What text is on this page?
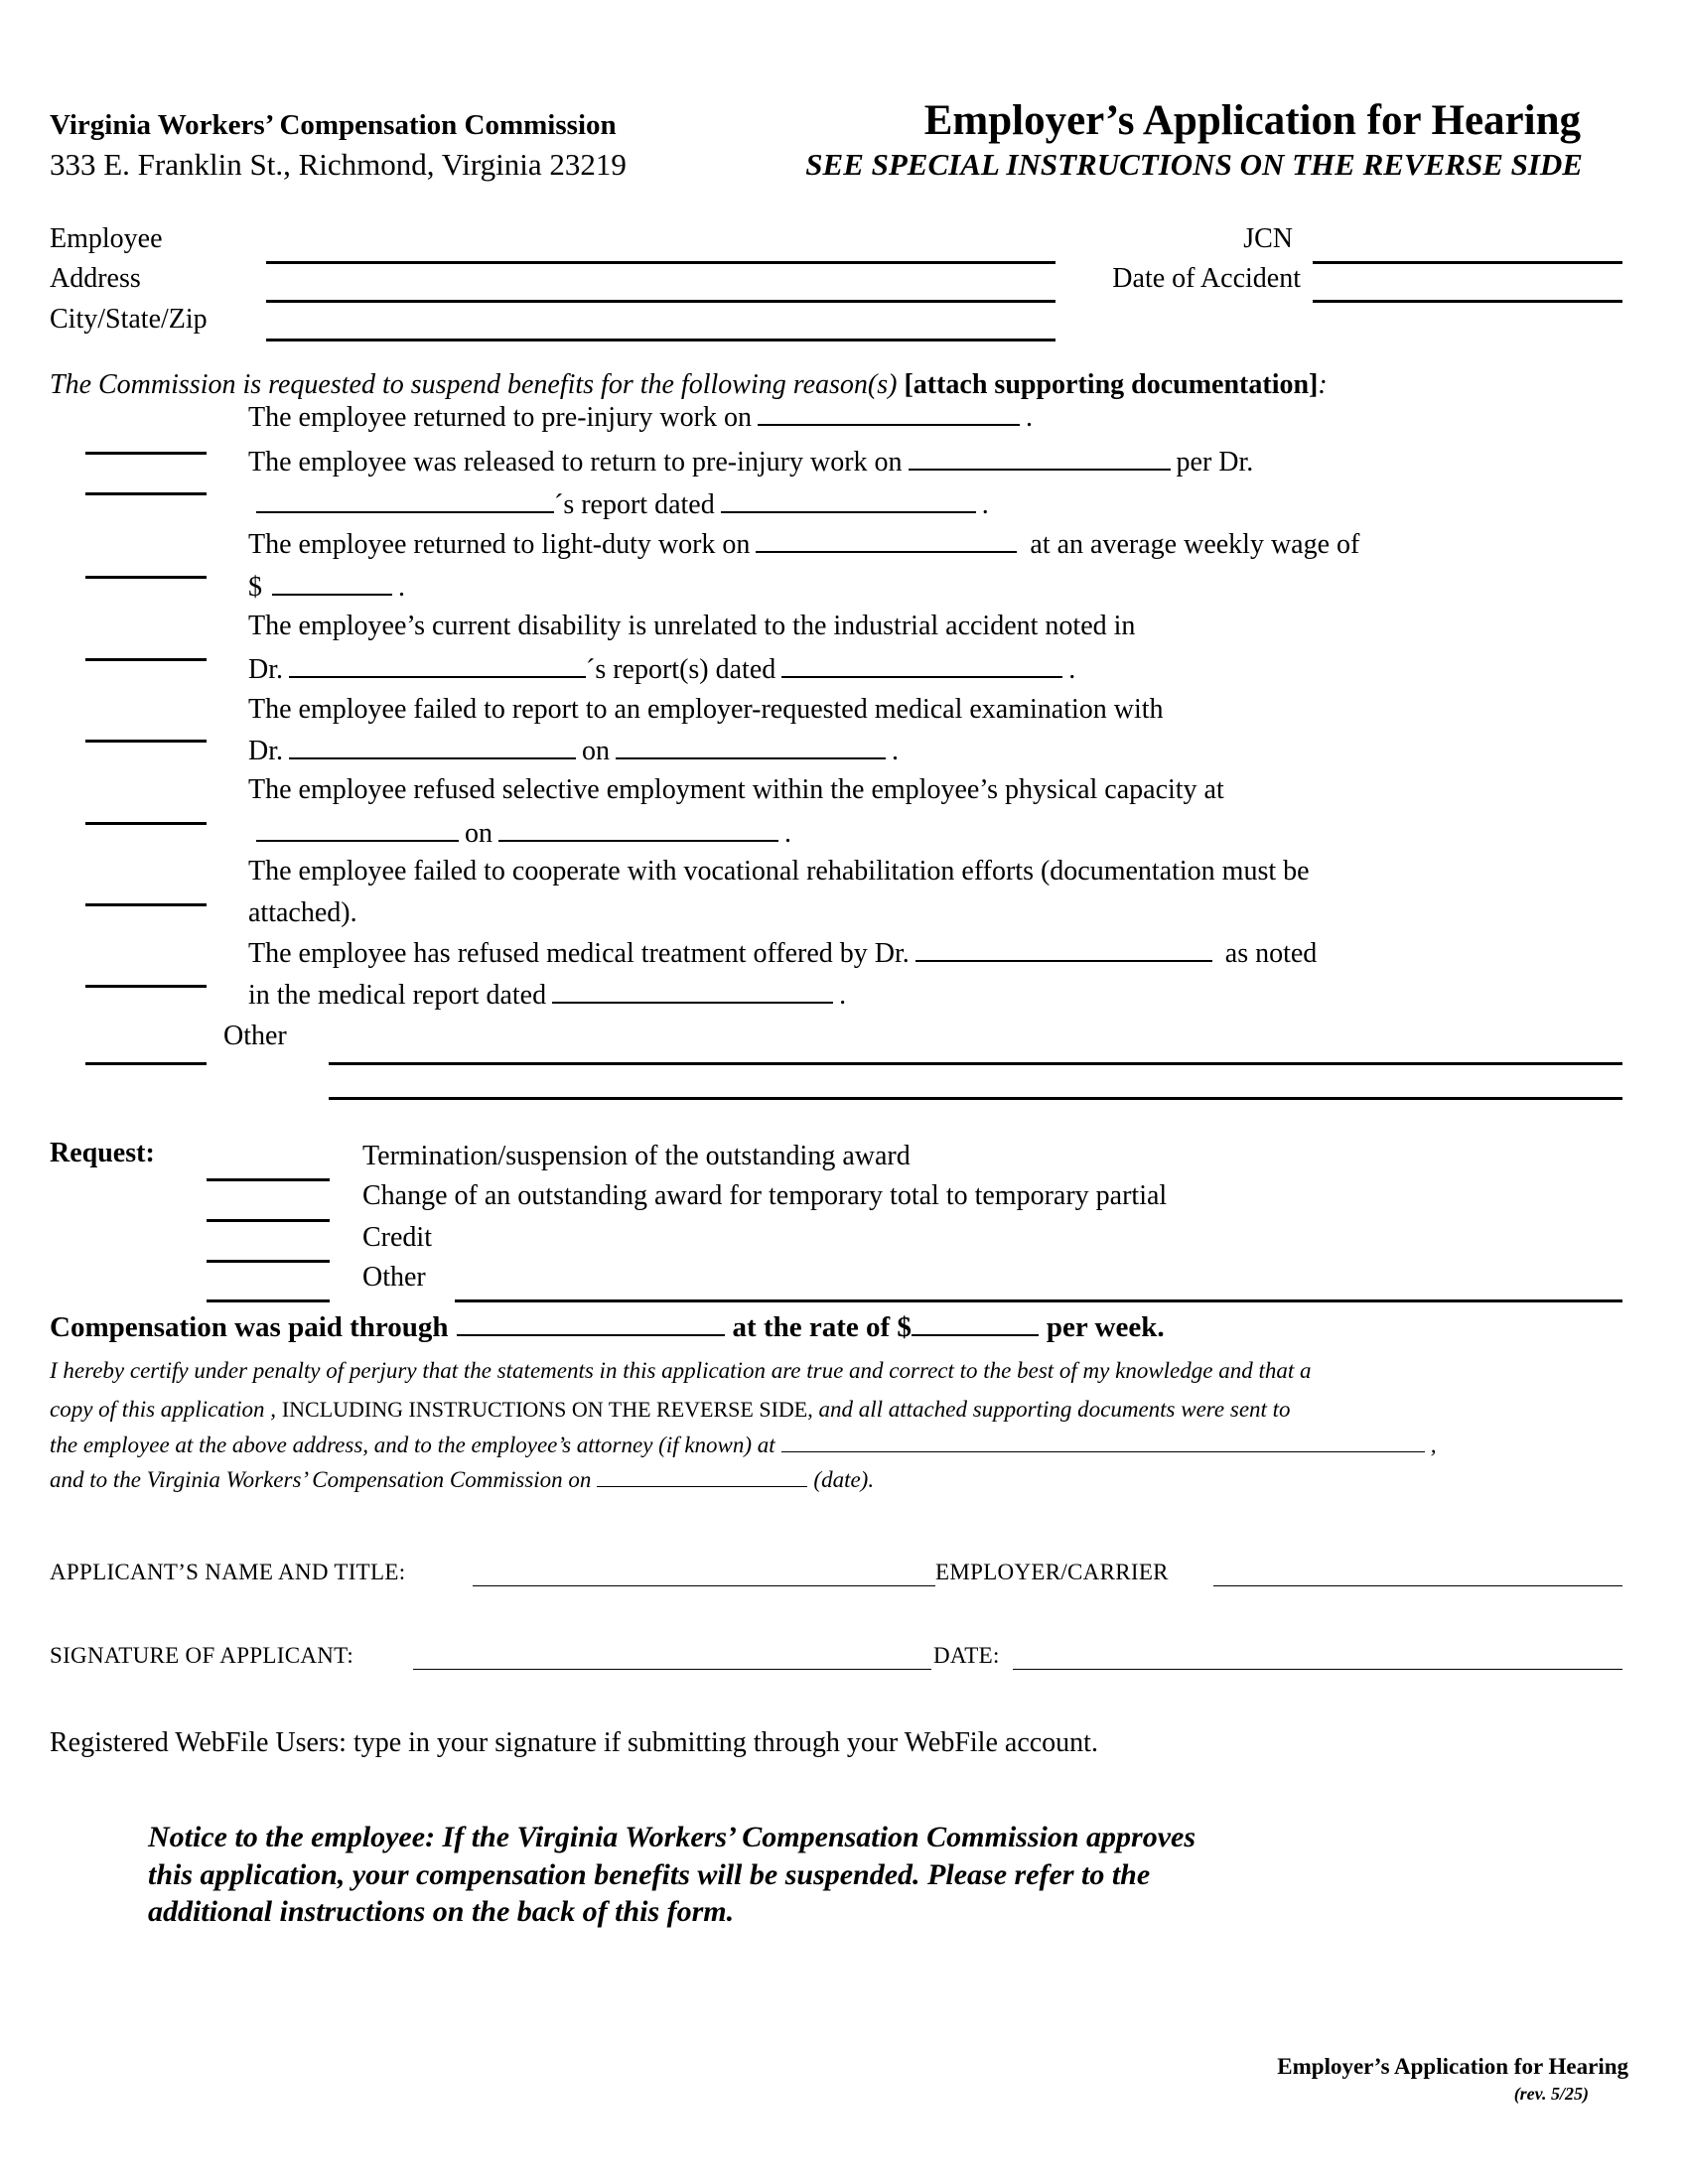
Virginia Workers’ Compensation Commission
333 E. Franklin St., Richmond, Virginia 23219
Employer’s Application for Hearing
SEE SPECIAL INSTRUCTIONS ON THE REVERSE SIDE
Employee
Address
City/State/Zip
JCN
Date of Accident
The Commission is requested to suspend benefits for the following reason(s) [attach supporting documentation]:
The employee returned to pre-injury work on	.
The employee was released to return to pre-injury work on	per Dr.
´s report dated	.
The employee returned to light-duty work on	at an average weekly wage of
$	.
The employee’s current disability is unrelated to the industrial accident noted in
Dr.	´s report(s) dated	.
The employee failed to report to an employer-requested medical examination with
Dr.	on	.
The employee refused selective employment within the employee’s physical capacity at
on	.
The employee failed to cooperate with vocational rehabilitation efforts (documentation must be
attached).
The employee has refused medical treatment offered by Dr.	as noted
in the medical report dated	.
Other
Request:	Termination/suspension of the outstanding award
Change of an outstanding award for temporary total to temporary partial
Credit
Other
Compensation was paid through	at the rate of $	per week.
I hereby certify under penalty of perjury that the statements in this application are true and correct to the best of my knowledge and that a
copy of this application , INCLUDING INSTRUCTIONS ON THE REVERSE SIDE, and all attached supporting documents were sent to
the employee at the above address, and to the employee’s attorney (if known) at	,
and to the Virginia Workers’ Compensation Commission on	(date).
APPLICANT’S NAME AND TITLE:	EMPLOYER/CARRIER
SIGNATURE OF APPLICANT:	DATE:
Registered WebFile Users: type in your signature if submitting through your WebFile account.
Notice to the employee: If the Virginia Workers’ Compensation Commission approves
this application, your compensation benefits will be suspended. Please refer to the
additional instructions on the back of this form.
Employer’s Application for Hearing
(rev. 5/25)
